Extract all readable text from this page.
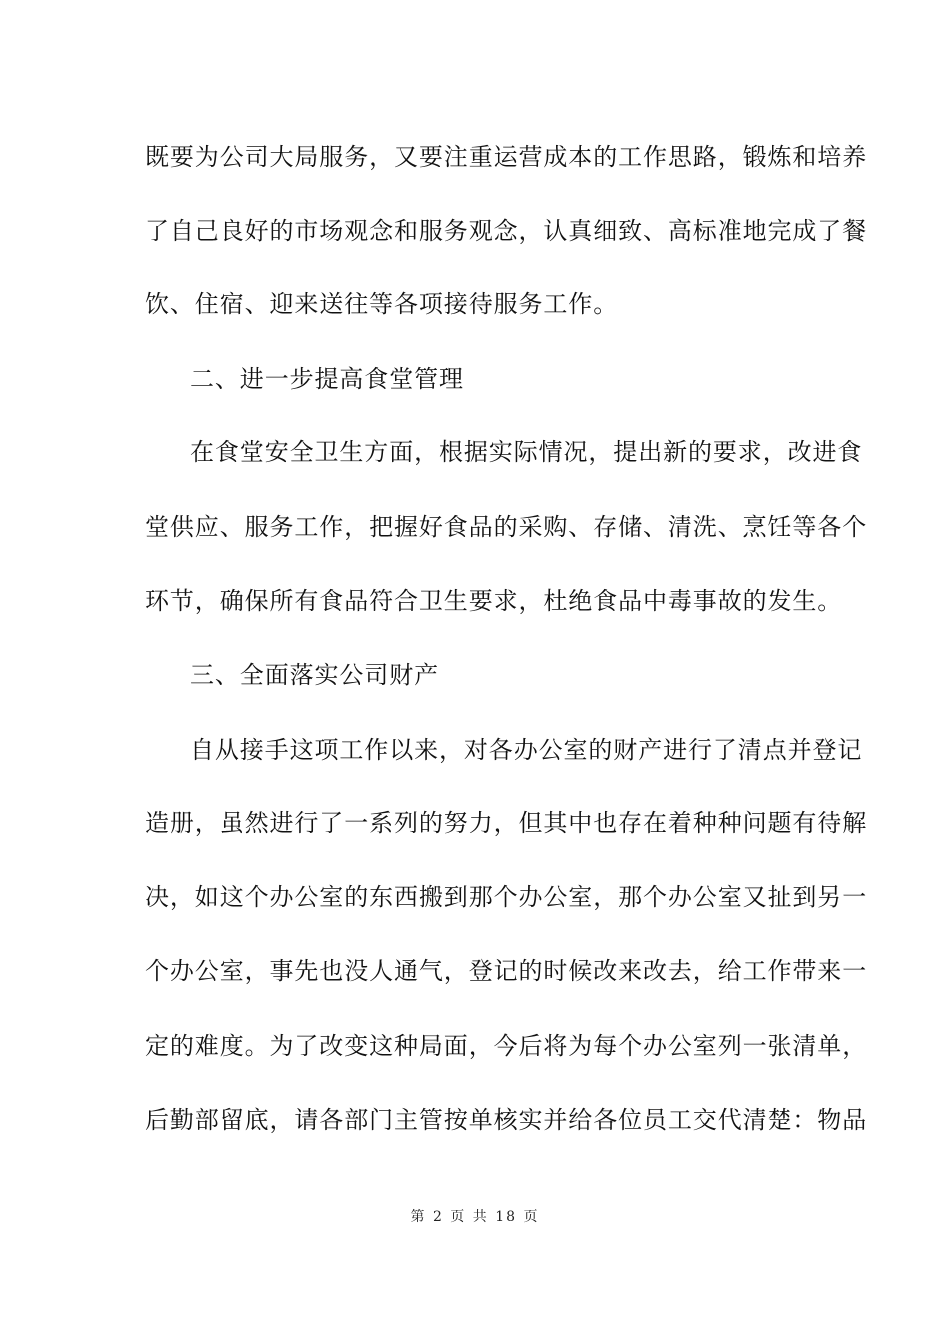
既要为公司大局服务，又要注重运营成本的工作思路，锻炼和培养
了自己良好的市场观念和服务观念，认真细致、高标准地完成了餐
饮、住宿、迎来送往等各项接待服务工作。
二、进一步提高食堂管理
在食堂安全卫生方面，根据实际情况，提出新的要求，改进食
堂供应、服务工作，把握好食品的采购、存储、清洗、烹饪等各个
环节，确保所有食品符合卫生要求，杜绝食品中毒事故的发生。
三、全面落实公司财产
自从接手这项工作以来，对各办公室的财产进行了清点并登记
造册，虽然进行了一系列的努力，但其中也存在着种种问题有待解
决，如这个办公室的东西搬到那个办公室，那个办公室又扯到另一
个办公室，事先也没人通气，登记的时候改来改去，给工作带来一
定的难度。为了改变这种局面，今后将为每个办公室列一张清单，
后勤部留底，请各部门主管按单核实并给各位员工交代清楚：物品
第 2 页 共 18 页
